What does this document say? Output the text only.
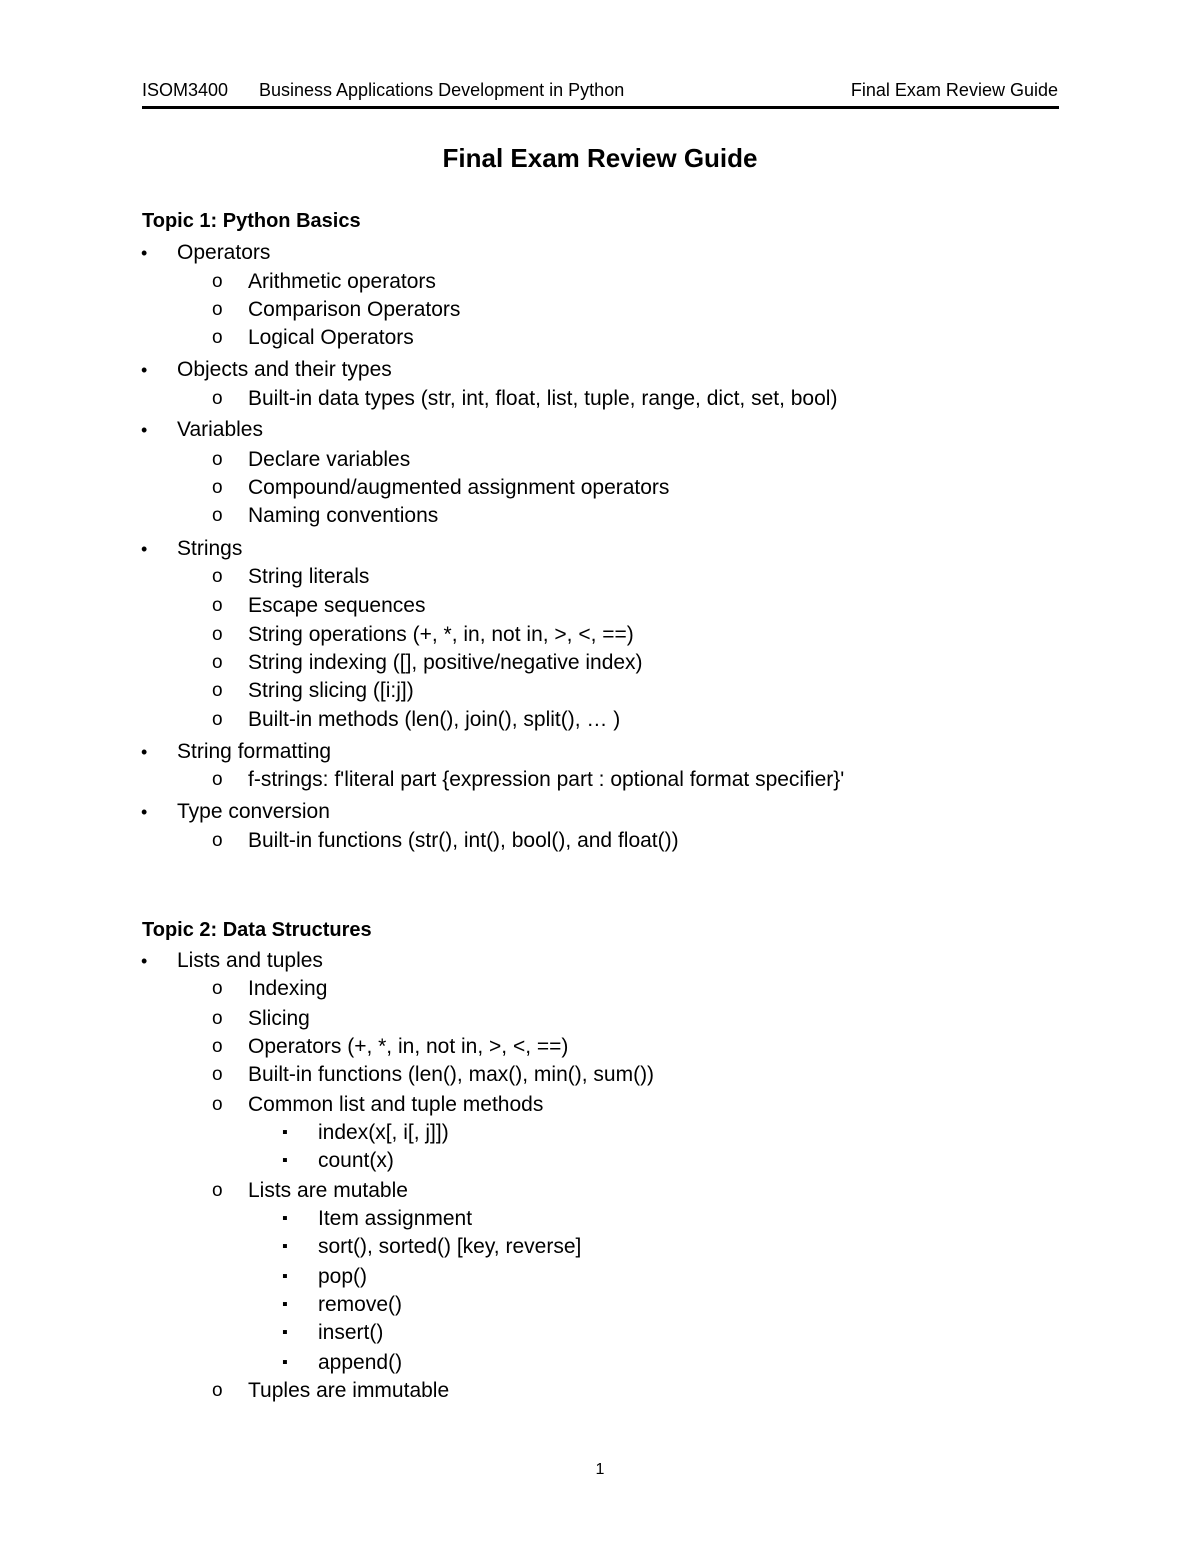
ISOM3400 Business Applications Development in Python	Final Exam Review Guide
Final Exam Review Guide
Topic 1: Python Basics
• Operators
o Arithmetic operators
o Comparison Operators
o Logical Operators
• Objects and their types
o Built-in data types (str, int, float, list, tuple, range, dict, set, bool)
• Variables
o Declare variables
o Compound/augmented assignment operators
o Naming conventions
• Strings
o String literals
o Escape sequences
o String operations (+, *, in, not in, >, <, ==)
o String indexing ([], positive/negative index)
o String slicing ([i:j])
o Built-in methods (len(), join(), split(), … )
• String formatting
o f-strings: f'literal part {expression part : optional format specifier}'
• Type conversion
o Built-in functions (str(), int(), bool(), and float())
Topic 2: Data Structures
• Lists and tuples
o Indexing
o Slicing
o Operators (+, *, in, not in, >, <, ==)
o Built-in functions (len(), max(), min(), sum())
o Common list and tuple methods
▪ index(x[, i[, j]])
▪ count(x)
o Lists are mutable
▪ Item assignment
▪ sort(), sorted() [key, reverse]
▪ pop()
▪ remove()
▪ insert()
▪ append()
o Tuples are immutable
1
